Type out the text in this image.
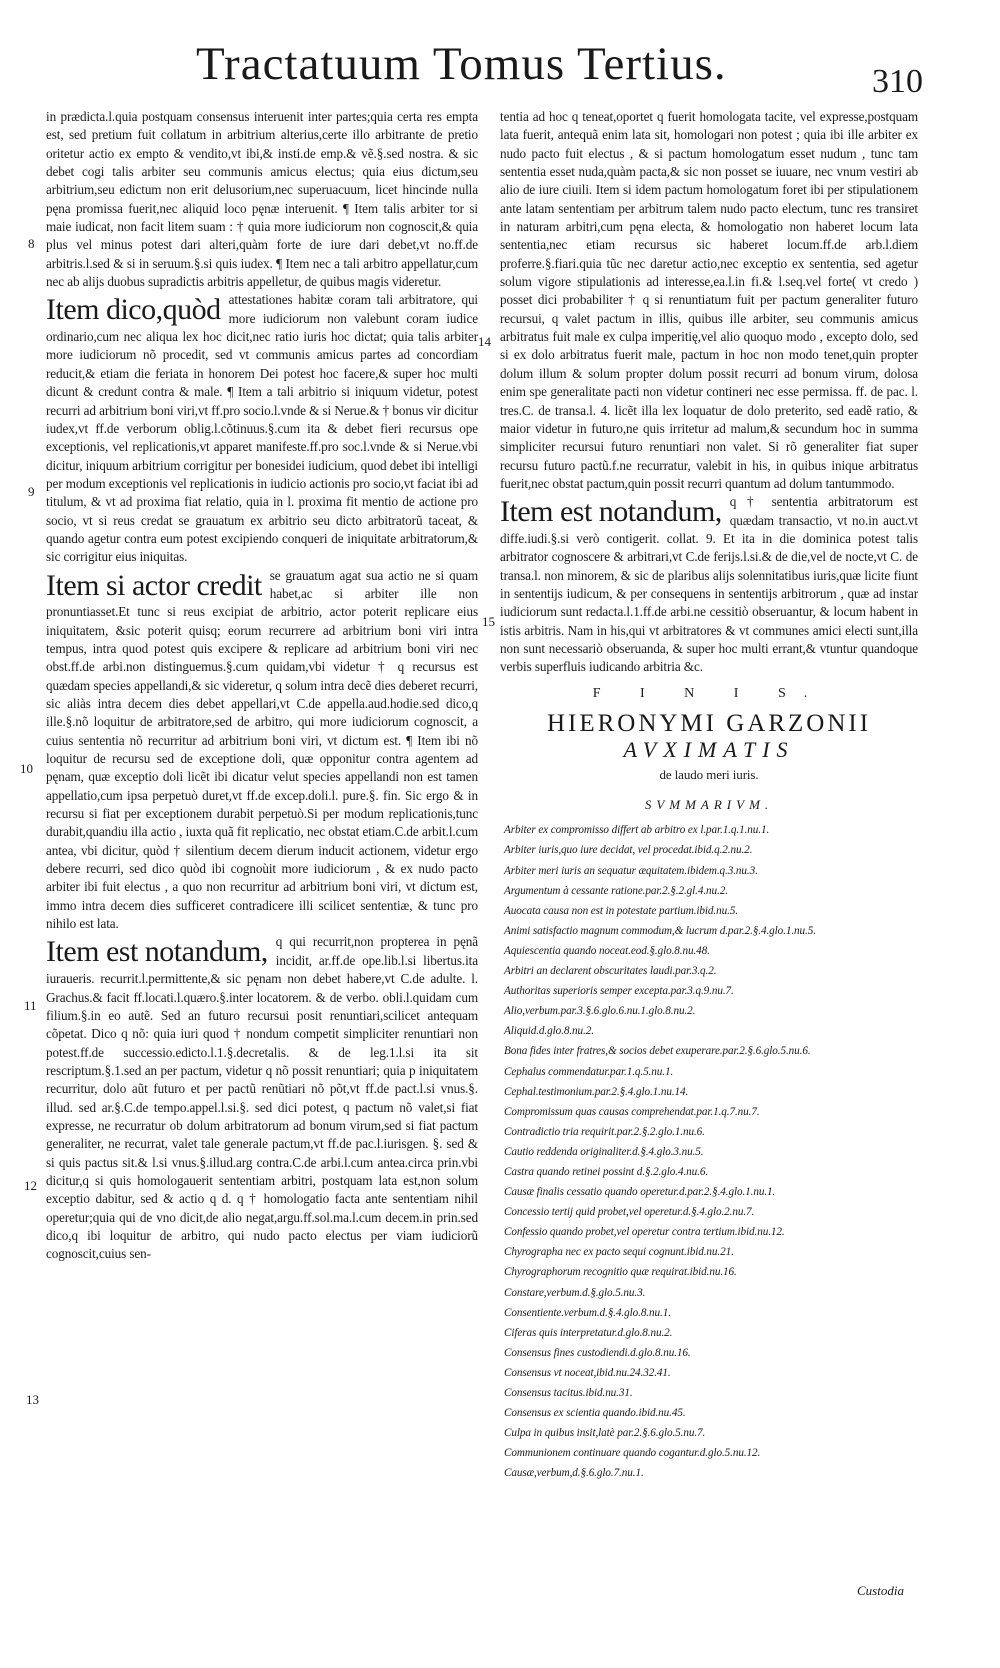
Tractatuum Tomus Tertius.	310
8
14
9
15
10
11
12
13

in prædicta.l.quia postquam consensus interuenit inter partes;quia certa res empta est, sed pretium fuit collatum in arbitrium alterius,certe illo arbitrante de pretio oritetur actio ex empto & vendito,vt ibi,& insti.de emp.& vẽ.§.sed nostra. & sic debet cogi talis arbiter seu communis amicus electus; quia eius dictum,seu arbitrium,seu edictum non erit delusorium,nec superuacuum, licet hincinde nulla pęna promissa fuerit,nec aliquid loco pęnæ interuenit. ¶ Item talis arbiter tor si maie iudicat, non facit litem suam : † quia more iudiciorum non cognoscit,& quia plus vel minus potest dari alteri,quàm forte de iure dari debet,vt no.ff.de arbitris.l.sed & si in seruum.§.si quis iudex. ¶ Item nec a tali arbitro appellatur,cum nec ab alijs duobus supradictis arbitris appelletur, de quibus magis videretur.

Item dico,quòd attestationes habitæ coram tali arbitratore, qui more iudiciorum non valebunt coram iudice ordinario,cum nec aliqua lex hoc dicit,nec ratio iuris hoc dictat; quia talis arbiter more iudiciorum nõ procedit, sed vt communis amicus partes ad concordiam reducit,& etiam die feriata in honorem Dei potest hoc facere,& super hoc multi dicunt & credunt contra & male. ¶ Item a tali arbitrio si iniquum videtur, potest recurri ad arbitrium boni viri,vt ff.pro socio.l.vnde & si Nerue.& † bonus vir dicitur iudex,vt ff.de verborum oblig.l.cõtinuus.§.cum ita & debet fieri recursus ope exceptionis, vel replicationis,vt apparet manifeste.ff.pro soc.l.vnde & si Nerue.vbi dicitur, iniquum arbitrium corrigitur per bonesidei iudicium, quod debet ibi intelligi per modum exceptionis vel replicationis in iudicio actionis pro socio,vt faciat ibi ad titulum, & vt ad proxima fiat relatio, quia in l. proxima fit mentio de actione pro socio, vt si reus credat se grauatum ex arbitrio seu dicto arbitratorũ taceat, & quando agetur contra eum potest excipiendo conqueri de iniquitate arbitratorum,& sic corrigitur eius iniquitas.
Item si actor credit se grauatum agat sua actio ne si quam habet,ac si arbiter ille non pronuntiasset.Et tunc si reus excipiat de arbitrio, actor poterit replicare eius iniquitatem, &sic poterit quisq; eorum recurrere ad arbitrium boni viri intra tempus, intra quod potest quis excipere & replicare ad arbitrium boni viri nec obst.ff.de arbi.non distinguemus.§.cum quidam,vbi videtur † q recursus est quædam species appellandi,& sic videretur, q solum intra decẽ dies deberet recurri, sic aliàs intra decem dies debet appellari,vt C.de appella.aud.hodie.sed dico,q ille.§.nõ loquitur de arbitratore,sed de arbitro, qui more iudiciorum cognoscit, a cuius sententia nõ recurritur ad arbitrium boni viri, vt dictum est. ¶ Item ibi nõ loquitur de recursu sed de exceptione doli, quæ opponitur contra agentem ad pęnam, quæ exceptio doli licẽt ibi dicatur velut species appellandi non est tamen appellatio,cum ipsa perpetuò duret,vt ff.de excep.doli.l. pure.§. fin. Sic ergo & in recursu si fiat per exceptionem durabit perpetuò.Si per modum replicationis,tunc durabit,quandiu illa actio , iuxta quã fit replicatio, nec obstat etiam.C.de arbit.l.cum antea, vbi dicitur, quòd † silentium decem dierum inducit actionem, videtur ergo debere recurri, sed dico quòd ibi cognoùit more iudiciorum , & ex nudo pacto arbiter ibi fuit electus , a quo non recurritur ad arbitrium boni viri, vt dictum est, immo intra decem dies sufficeret contradicere illi scilicet sententiæ, & tunc pro nihilo est lata.
Item est notandum, q qui recurrit,non propterea in pęnã incidit, ar.ff.de ope.lib.l.si libertus.ita iuraueris. recurrit.l.permittente,& sic pęnam non debet habere,vt C.de adulte. l. Grachus.& facit ff.locati.l.quæro.§.inter locatorem. & de verbo. obli.l.quidam cum filium.§.in eo autẽ. Sed an futuro recursui posit renuntiari,scilicet antequam cõpetat. Dico q nõ: quia iuri quod † nondum competit simpliciter renuntiari non potest.ff.de successio.edicto.l.1.§.decretalis. & de leg.1.l.si ita sit rescriptum.§.1.sed an per pactum, videtur q nõ possit renuntiari; quia p iniquitatem recurritur, dolo aũt futuro et per pactũ renũtiari nõ põt,vt ff.de pact.l.si vnus.§. illud. sed ar.§.C.de tempo.appel.l.si.§. sed dici potest, q pactum nõ valet,si fiat expresse, ne recurratur ob dolum arbitratorum ad bonum virum,sed si fiat pactum generaliter, ne recurrat, valet tale generale pactum,vt ff.de pac.l.iurisgen. §. sed & si quis pactus sit.& l.si vnus.§.illud.arg contra.C.de arbi.l.cum antea.circa prin.vbi dicitur,q si quis homologauerit sententiam arbitri, postquam lata est,non solum exceptio dabitur, sed & actio q d. q † homologatio facta ante sententiam nihil operetur;quia qui de vno dicit,de alio negat,argu.ff.sol.ma.l.cum decem.in prin.sed dico,q ibi loquitur de arbitro, qui nudo pacto electus per viam iudiciorũ cognoscit,cuius sen-

tentia ad hoc q teneat,oportet q fuerit homologata tacite, vel expresse,postquam lata fuerit, antequã enim lata sit, homologari non potest ; quia ibi ille arbiter ex nudo pacto fuit electus , & si pactum homologatum esset nudum , tunc tam sententia esset nuda,quàm pacta,& sic non posset se iuuare, nec vnum vestiri ab alio de iure ciuili. Item si idem pactum homologatum foret ibi per stipulationem ante latam sententiam per arbitrum talem nudo pacto electum, tunc res transiret in naturam arbitri,cum pęna electa, & homologatio non haberet locum lata sententia,nec etiam recursus sic haberet locum.ff.de arb.l.diem proferre.§.fiari.quia tũc nec daretur actio,nec exceptio ex sententia, sed agetur solum vigore stipulationis ad interesse,ea.l.in fi.& l.seq.vel forte( vt credo ) posset dici probabiliter † q si renuntiatum fuit per pactum generaliter futuro recursui, q valet pactum in illis, quibus ille arbiter, seu communis amicus arbitratus fuit male ex culpa imperitię,vel alio quoquo modo , excepto dolo, sed si ex dolo arbitratus fuerit male, pactum in hoc non modo tenet,quin propter dolum illum & solum propter dolum possit recurri ad bonum virum, dolosa enim spe generalitate pacti non videtur contineri nec esse permissa. ff. de pac. l. tres.C. de transa.l. 4. licẽt illa lex loquatur de dolo preterito, sed eadẽ ratio, & maior videtur in futuro,ne quis irritetur ad malum,& secundum hoc in summa simpliciter recursui futuro renuntiari non valet. Si rõ generaliter fiat super recursu futuro pactũ.f.ne recurratur, valebit in his, in quibus inique arbitratus fuerit,nec obstat pactum,quin possit recurri quantum ad dolum tantummodo.

Item est notandum, q † sententia arbitratorum est quædam transactio, vt no.in auct.vt diffe.iudi.§.si verò contigerit. collat. 9. Et ita in die dominica potest talis arbitrator cognoscere & arbitrari,vt C.de ferijs.l.si.& de die,vel de nocte,vt C. de transa.l. non minorem, & sic de plaribus alijs solennitatibus iuris,quæ licite fiunt in sententijs iudicum, & per consequens in sententijs arbitrorum , quæ ad instar iudiciorum sunt redacta.l.1.ff.de arbi.ne cessitiò obseruantur, & locum habent in istis arbitris. Nam in his,qui vt arbitratores & vt communes amici electi sunt,illa non sunt necessariò obseruanda, & super hoc multi errant,& vtuntur quandoque verbis superfluis iudicando arbitria &c.
F I N I S.
HIERONYMI GARZONII
AVXIMATIS
de laudo meri iuris.
SVMMARIVM.
Arbiter ex compromisso differt ab arbitro ex l.par.1.q.1.nu.1.
Arbiter iuris,quo iure decidat, vel procedat.ibid.q.2.nu.2.
Arbiter meri iuris an sequatur æquitatem.ibidem.q.3.nu.3.
Argumentum à cessante ratione.par.2.§.2.gl.4.nu.2.
Auocata causa non est in potestate partium.ibid.nu.5.
Animi satisfactio magnum commodum,& lucrum d.par.2.§.4.glo.1.nu.5.
Aquiescentia quando noceat.eod.§.glo.8.nu.48.
Arbitri an declarent obscuritates laudi.par.3.q.2.
Authoritas superioris semper excepta.par.3.q.9.nu.7.
Alio,verbum.par.3.§.6.glo.6.nu.1.glo.8.nu.2.
Aliquid.d.glo.8.nu.2.
Bona fides inter fratres,& socios debet exuperare.par.2.§.6.glo.5.nu.6.
Cephalus commendatur.par.1.q.5.nu.1.
Cephal.testimonium.par.2.§.4.glo.1.nu.14.
Compromissum quas causas comprehendat.par.1.q.7.nu.7.
Contradictio tria requirit.par.2.§.2.glo.1.nu.6.
Cautio reddenda originaliter.d.§.4.glo.3.nu.5.
Castra quando retinei possint d.§.2.glo.4.nu.6.
Causæ finalis cessatio quando operetur.d.par.2.§.4.glo.1.nu.1.
Concessio tertij quid probet,vel operetur.d.§.4.glo.2.nu.7.
Confessio quando probet,vel operetur contra tertium.ibid.nu.12.
Chyrographa nec ex pacto sequi cognunt.ibid.nu.21.
Chyrographorum recognitio quæ requirat.ibid.nu.16.
Constare,verbum.d.§.glo.5.nu.3.
Consentiente.verbum.d.§.4.glo.8.nu.1.
Ciferas quis interpretatur.d.glo.8.nu.2.
Consensus fines custodiendi.d.glo.8.nu.16.
Consensus vt noceat,ibid.nu.24.32.41.
Consensus tacitus.ibid.nu.31.
Consensus ex scientia quando.ibid.nu.45.
Culpa in quibus insit,latè par.2.§.6.glo.5.nu.7.
Communionem continuare quando cogantur.d.glo.5.nu.12.
Causæ,verbum,d.§.6.glo.7.nu.1.
Custodia
